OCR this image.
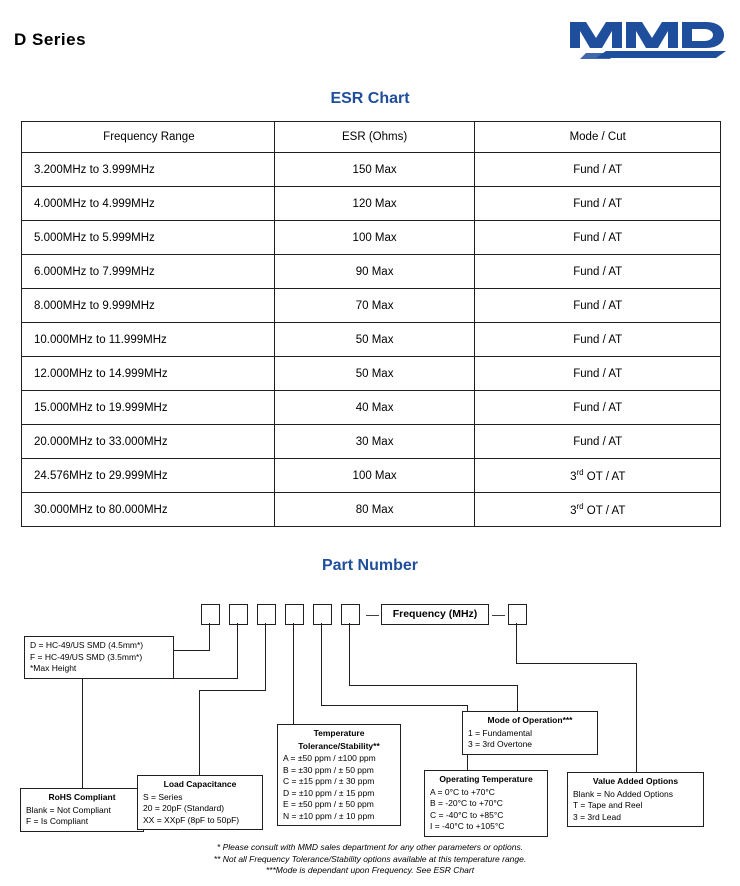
D Series
ESR Chart
Frequency Range	ESR (Ohms)	Mode / Cut
3.200MHz to 3.999MHz	150 Max	Fund / AT
4.000MHz to 4.999MHz	120 Max	Fund / AT
5.000MHz to 5.999MHz	100 Max	Fund / AT
6.000MHz to 7.999MHz	90 Max	Fund / AT
8.000MHz to 9.999MHz	70 Max	Fund / AT
10.000MHz to 11.999MHz	50 Max	Fund / AT
12.000MHz to 14.999MHz	50 Max	Fund / AT
15.000MHz to 19.999MHz	40 Max	Fund / AT
20.000MHz to 33.000MHz	30 Max	Fund / AT
24.576MHz to 29.999MHz	100 Max	3rd OT / AT
30.000MHz to 80.000MHz	80 Max	3rd OT / AT
Part Number
—	Frequency (MHz)	—
D = HC-49/US SMD (4.5mm*)
F = HC-49/US SMD (3.5mm*)
*Max Height
RoHS Compliant
Blank = Not Compliant
F = Is Compliant
Load Capacitance
S = Series
20 = 20pF (Standard)
XX = XXpF (8pF to 50pF)
Temperature
Tolerance/Stability**
A = ±50 ppm / ±100 ppm
B = ±30 ppm / ± 50 ppm
C = ±15 ppm / ± 30 ppm
D = ±10 ppm / ± 15 ppm
E = ±50 ppm / ± 50 ppm
N = ±10 ppm / ± 10 ppm
Operating Temperature
A = 0°C to +70°C
B = -20°C to +70°C
C = -40°C to +85°C
I = -40°C to +105°C
Mode of Operation***
1 = Fundamental
3 = 3rd Overtone
Value Added Options
Blank = No Added Options
T = Tape and Reel
3 = 3rd Lead
* Please consult with MMD sales department for any other parameters or options.
** Not all Frequency Tolerance/Stability options available at this temperature range.
***Mode is dependant upon Frequency. See ESR Chart
